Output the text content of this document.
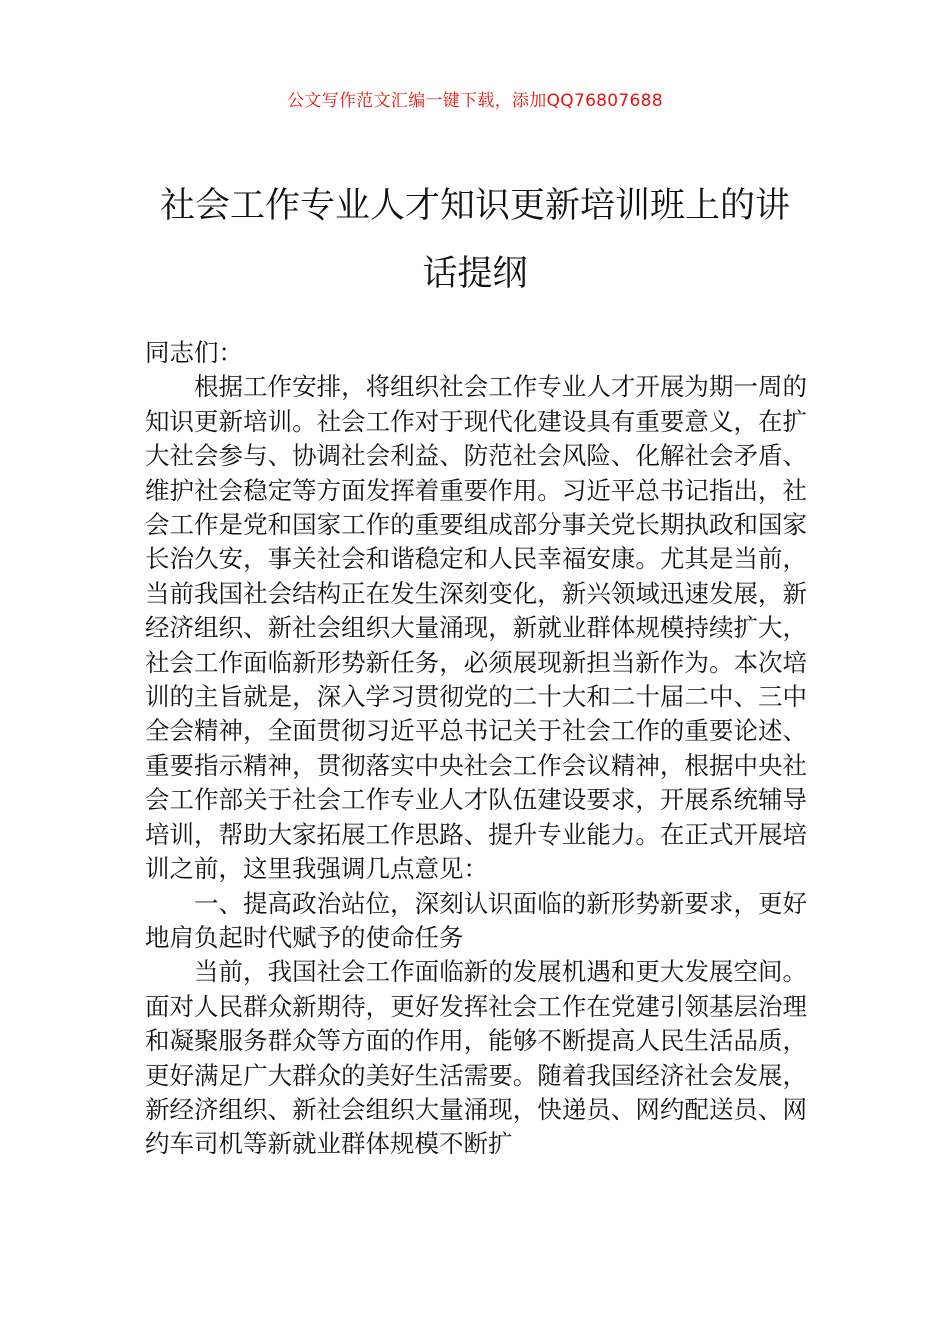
公文写作范文汇编一键下载，添加QQ76807688
社会工作专业人才知识更新培训班上的讲话提纲

同志们：

根据工作安排，将组织社会工作专业人才开展为期一周的知识更新培训。社会工作对于现代化建设具有重要意义，在扩大社会参与、协调社会利益、防范社会风险、化解社会矛盾、维护社会稳定等方面发挥着重要作用。习近平总书记指出，社会工作是党和国家工作的重要组成部分事关党长期执政和国家长治久安，事关社会和谐稳定和人民幸福安康。尤其是当前，当前我国社会结构正在发生深刻变化，新兴领域迅速发展，新经济组织、新社会组织大量涌现，新就业群体规模持续扩大，社会工作面临新形势新任务，必须展现新担当新作为。本次培训的主旨就是，深入学习贯彻党的二十大和二十届二中、三中全会精神，全面贯彻习近平总书记关于社会工作的重要论述、重要指示精神，贯彻落实中央社会工作会议精神，根据中央社会工作部关于社会工作专业人才队伍建设要求，开展系统辅导培训，帮助大家拓展工作思路、提升专业能力。在正式开展培训之前，这里我强调几点意见：

一、提高政治站位，深刻认识面临的新形势新要求，更好地肩负起时代赋予的使命任务

当前，我国社会工作面临新的发展机遇和更大发展空间。面对人民群众新期待，更好发挥社会工作在党建引领基层治理和凝聚服务群众等方面的作用，能够不断提高人民生活品质，更好满足广大群众的美好生活需要。随着我国经济社会发展，新经济组织、新社会组织大量涌现，快递员、网约配送员、网约车司机等新就业群体规模不断扩
